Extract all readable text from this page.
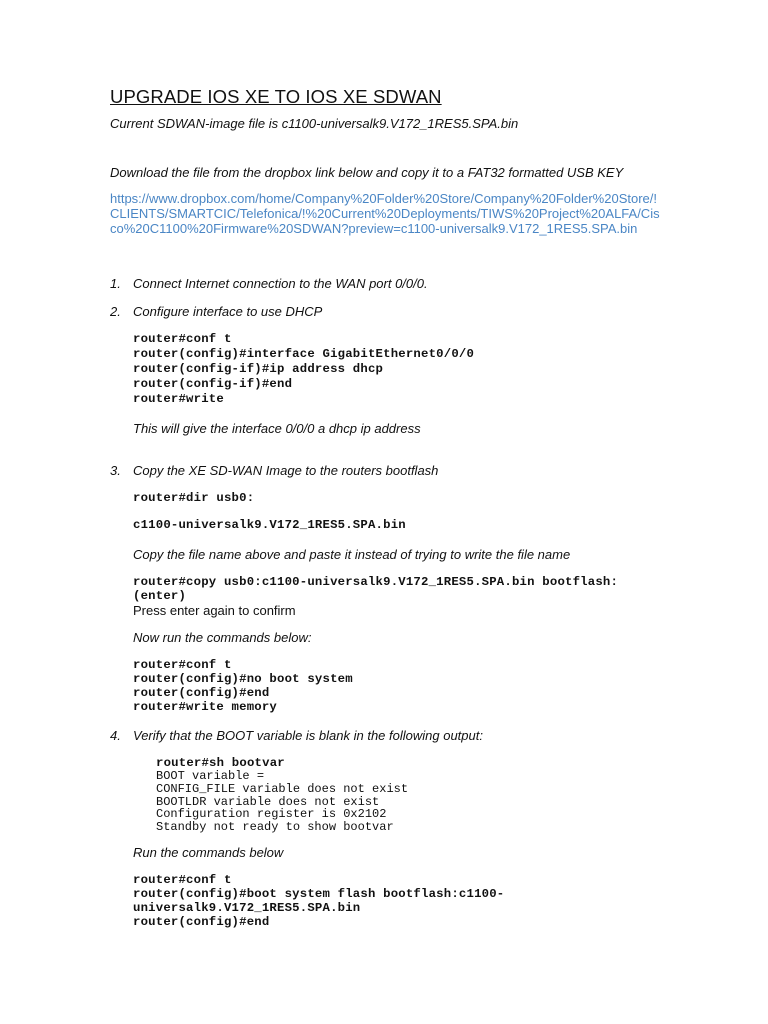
UPGRADE IOS XE TO IOS XE SDWAN
Current SDWAN-image file is c1100-universalk9.V172_1RES5.SPA.bin
Download the file from the dropbox link below and copy it to a FAT32 formatted USB KEY
https://www.dropbox.com/home/Company%20Folder%20Store/Company%20Folder%20Store/!
CLIENTS/SMARTCIC/Telefonica/!%20Current%20Deployments/TIWS%20Project%20ALFA/Cis
co%20C1100%20Firmware%20SDWAN?preview=c1100-universalk9.V172_1RES5.SPA.bin
1. Connect Internet connection to the WAN port 0/0/0.
2. Configure interface to use DHCP
router#conf t
router(config)#interface GigabitEthernet0/0/0
router(config-if)#ip address dhcp
router(config-if)#end
router#write
This will give the interface 0/0/0 a dhcp ip address
3. Copy the XE SD-WAN Image to the routers bootflash
router#dir usb0:
c1100-universalk9.V172_1RES5.SPA.bin
Copy the file name above and paste it instead of trying to write the file name
router#copy usb0:c1100-universalk9.V172_1RES5.SPA.bin bootflash:
(enter)
Press enter again to confirm
Now run the commands below:
router#conf t
router(config)#no boot system
router(config)#end
router#write memory
4. Verify that the BOOT variable is blank in the following output:
router#sh bootvar
BOOT variable =
CONFIG_FILE variable does not exist
BOOTLDR variable does not exist
Configuration register is 0x2102
Standby not ready to show bootvar
Run the commands below
router#conf t
router(config)#boot system flash bootflash:c1100-
universalk9.V172_1RES5.SPA.bin
router(config)#end
